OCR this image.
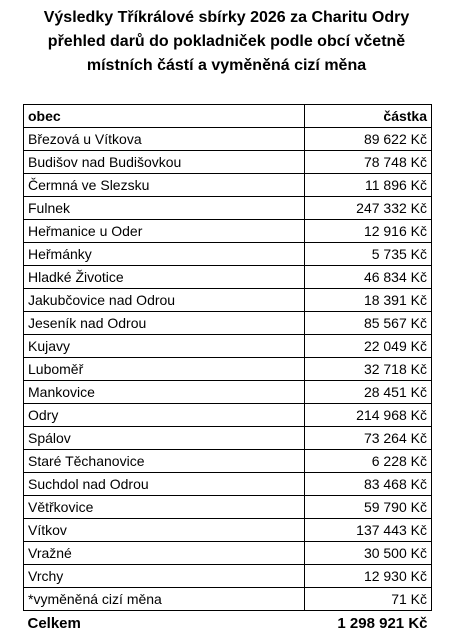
Výsledky Tříkrálové sbírky 2026 za Charitu Odry
přehled darů do pokladniček podle obcí včetně
místních částí a vyměněná cizí měna
obec	částka
Březová u Vítkova	89 622 Kč
Budišov nad Budišovkou	78 748 Kč
Čermná ve Slezsku	11 896 Kč
Fulnek	247 332 Kč
Heřmanice u Oder	12 916 Kč
Heřmánky	5 735 Kč
Hladké Životice	46 834 Kč
Jakubčovice nad Odrou	18 391 Kč
Jeseník nad Odrou	85 567 Kč
Kujavy	22 049 Kč
Luboměř	32 718 Kč
Mankovice	28 451 Kč
Odry	214 968 Kč
Spálov	73 264 Kč
Staré Těchanovice	6 228 Kč
Suchdol nad Odrou	83 468 Kč
Větřkovice	59 790 Kč
Vítkov	137 443 Kč
Vražné	30 500 Kč
Vrchy	12 930 Kč
*vyměněná cizí měna	71 Kč
Celkem	1 298 921 Kč
